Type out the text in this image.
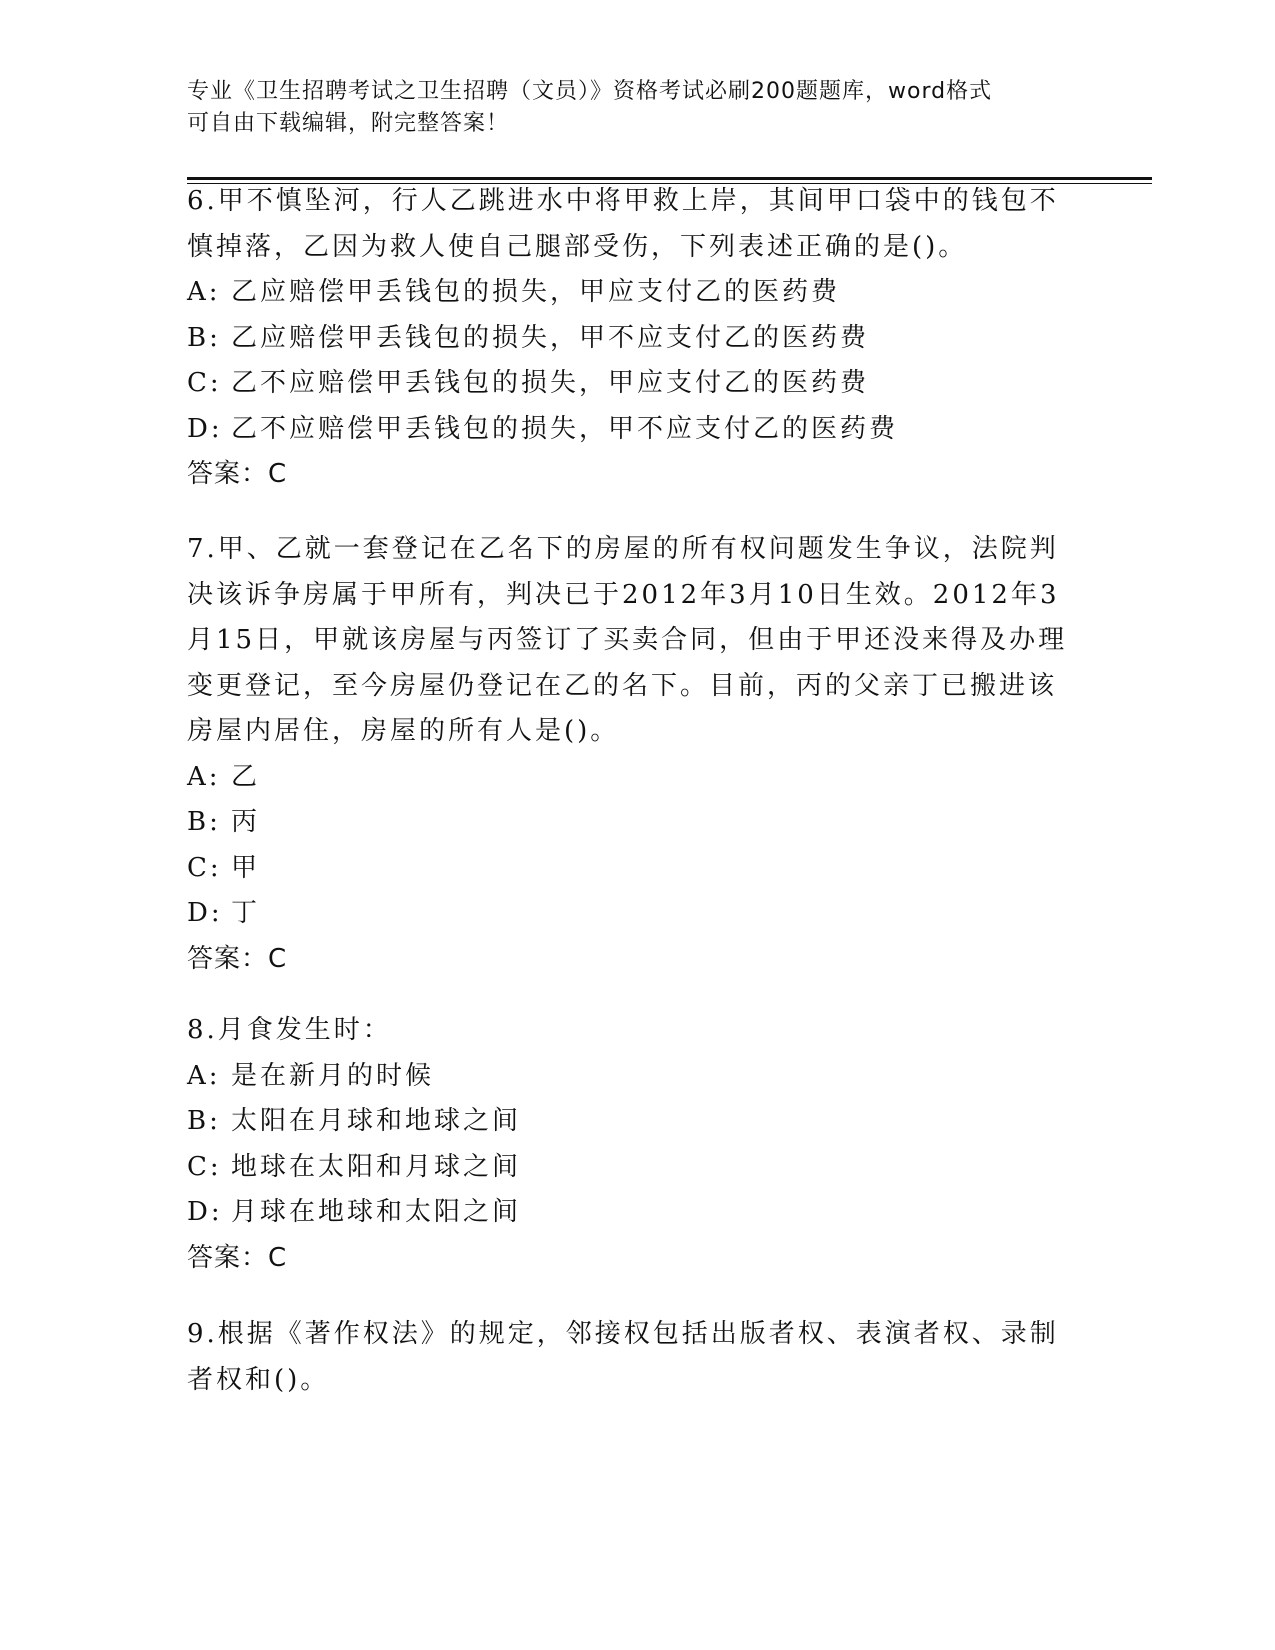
专业《卫生招聘考试之卫生招聘（文员）》资格考试必刷200题题库，word格式
可自由下载编辑，附完整答案！
6.甲不慎坠河，行人乙跳进水中将甲救上岸，其间甲口袋中的钱包不
慎掉落，乙因为救人使自己腿部受伤，下列表述正确的是()。
A: 乙应赔偿甲丢钱包的损失，甲应支付乙的医药费
B: 乙应赔偿甲丢钱包的损失，甲不应支付乙的医药费
C: 乙不应赔偿甲丢钱包的损失，甲应支付乙的医药费
D: 乙不应赔偿甲丢钱包的损失，甲不应支付乙的医药费
答案：C
7.甲、乙就一套登记在乙名下的房屋的所有权问题发生争议，法院判
决该诉争房属于甲所有，判决已于2012年3月10日生效。2012年3
月15日，甲就该房屋与丙签订了买卖合同，但由于甲还没来得及办理
变更登记，至今房屋仍登记在乙的名下。目前，丙的父亲丁已搬进该
房屋内居住，房屋的所有人是()。
A: 乙
B: 丙
C: 甲
D: 丁
答案：C
8.月食发生时：
A: 是在新月的时候
B: 太阳在月球和地球之间
C: 地球在太阳和月球之间
D: 月球在地球和太阳之间
答案：C
9.根据《著作权法》的规定，邻接权包括出版者权、表演者权、录制
者权和()。
